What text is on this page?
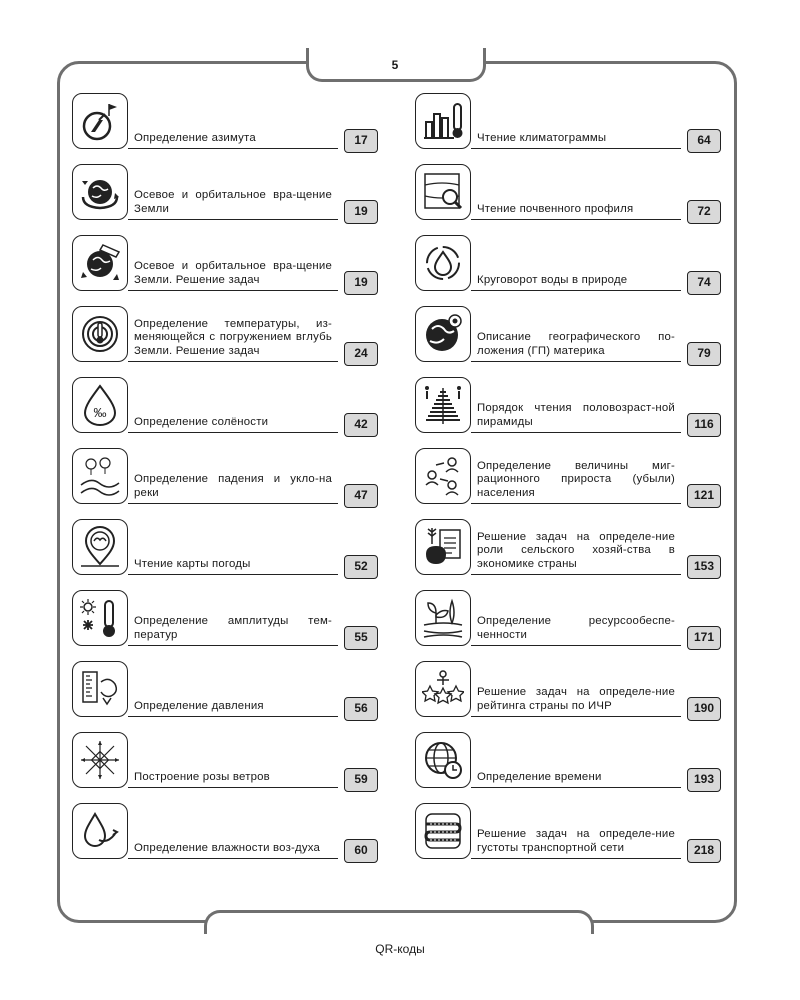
5
QR-коды
Определение азимута	17
Осевое и орбитальное вра-щение Земли	19
Осевое и орбитальное вра-щение Земли. Решение задач	19
Определение температуры, из-меняющейся с погружением вглубь Земли. Решение задач	24
‰
Определение солёности	42
Определение падения и укло-на реки	47
Чтение карты погоды	52
Определение амплитуды тем-ператур	55
Определение давления	56
Построение розы ветров	59
Определение влажности воз-духа	60
Чтение климатограммы	64
Чтение почвенного профиля	72
Круговорот воды в природе	74
Описание географического по-ложения (ГП) материка	79
Порядок чтения половозраст-ной пирамиды	116
Определение величины миг-рационного прироста (убыли) населения	121
Решение задач на определе-ние роли сельского хозяй-ства в экономике страны	153
Определение ресурсообеспе-ченности	171
Решение задач на определе-ние рейтинга страны по ИЧР	190
Определение времени	193
Решение задач на определе-ние густоты транспортной сети	218
